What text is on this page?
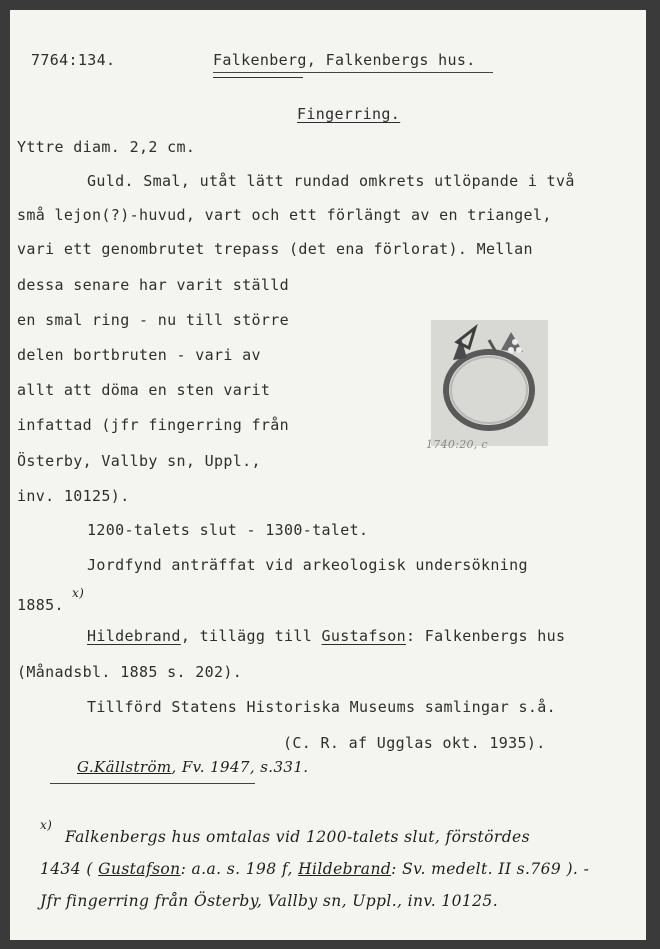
7764:134.	Falkenberg, Falkenbergs hus.
Fingerring.
Yttre diam. 2,2 cm.
Guld. Smal, utåt lätt rundad omkrets utlöpande i två
små lejon(?)-huvud, vart och ett förlängt av en triangel,
vari ett genombrutet trepass (det ena förlorat). Mellan
dessa senare har varit ställd
en smal ring - nu till större
delen bortbruten - vari av
allt att döma en sten varit
infattad (jfr fingerring från
Österby, Vallby sn, Uppl.,
inv. 10125).
1740:20, c
1200-talets slut - 1300-talet.
Jordfynd anträffat vid arkeologisk undersökning
1885.
x)
Hildebrand, tillägg till Gustafson: Falkenbergs hus
(Månadsbl. 1885 s. 202).
Tillförd Statens Historiska Museums samlingar s.å.
(C. R. af Ugglas okt. 1935).
G.Källström, Fv. 1947, s.331.
x)
Falkenbergs hus omtalas vid 1200-talets slut, förstördes
1434 ( Gustafson: a.a. s. 198 f, Hildebrand: Sv. medelt. II s.769 ). -
Jfr fingerring från Österby, Vallby sn, Uppl., inv. 10125.
